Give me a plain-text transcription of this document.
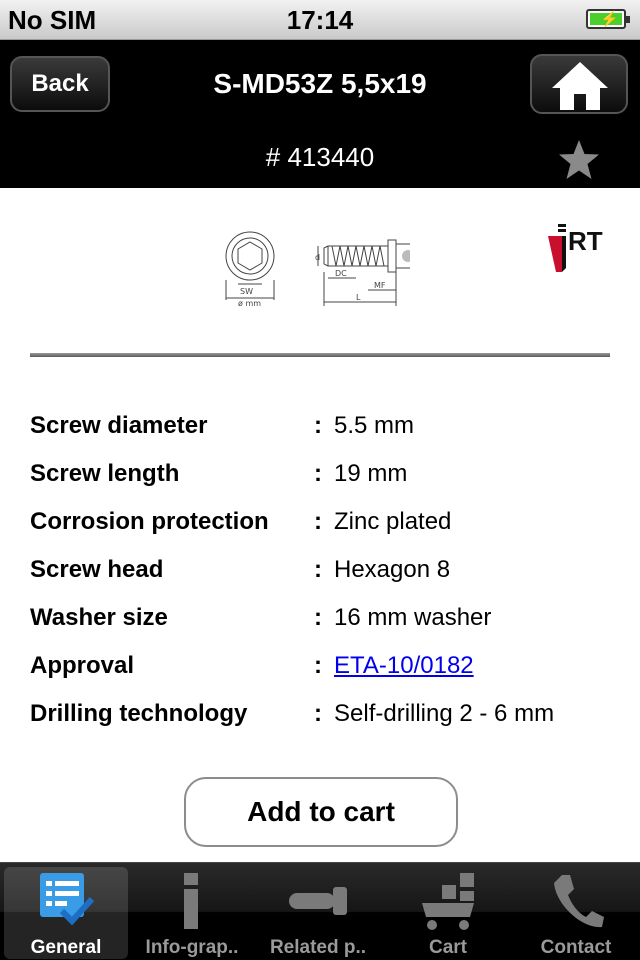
No SIM	17:14	⚡
Back	S-MD53Z 5,5x19
# 413440
SW
ø mm
d
DC
MF
L
RT
Screw diameter	: 5.5 mm
Screw length	: 19 mm
Corrosion protection : Zinc plated
Screw head	: Hexagon 8
Washer size	: 16 mm washer
Approval	: ETA-10/0182
Drilling technology	: Self-drilling 2 - 6 mm
Add to cart
General	Info-grap..	Related p..	Cart	Contact
